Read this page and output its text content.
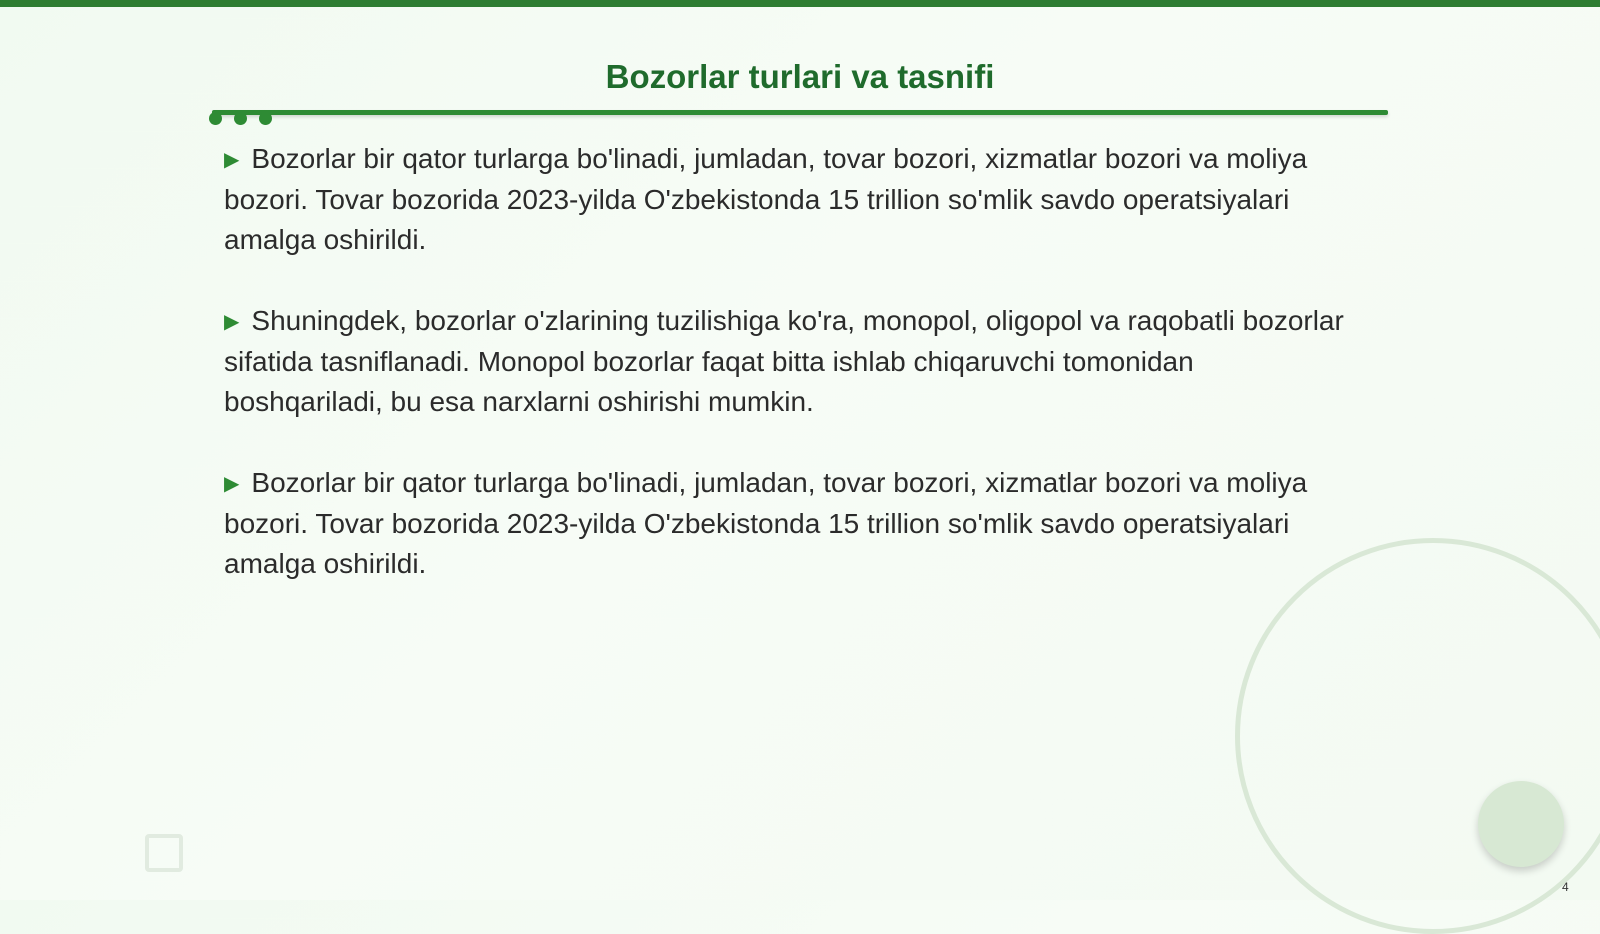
Bozorlar turlari va tasnifi

▶ Bozorlar bir qator turlarga bo'linadi, jumladan, tovar bozori, xizmatlar bozori va moliya bozori. Tovar bozorida 2023-yilda O'zbekistonda 15 trillion so'mlik savdo operatsiyalari amalga oshirildi.

▶ Shuningdek, bozorlar o'zlarining tuzilishiga ko'ra, monopol, oligopol va raqobatli bozorlar sifatida tasniflanadi. Monopol bozorlar faqat bitta ishlab chiqaruvchi tomonidan boshqariladi, bu esa narxlarni oshirishi mumkin.

▶ Bozorlar bir qator turlarga bo'linadi, jumladan, tovar bozori, xizmatlar bozori va moliya bozori. Tovar bozorida 2023-yilda O'zbekistonda 15 trillion so'mlik savdo operatsiyalari amalga oshirildi.

4
